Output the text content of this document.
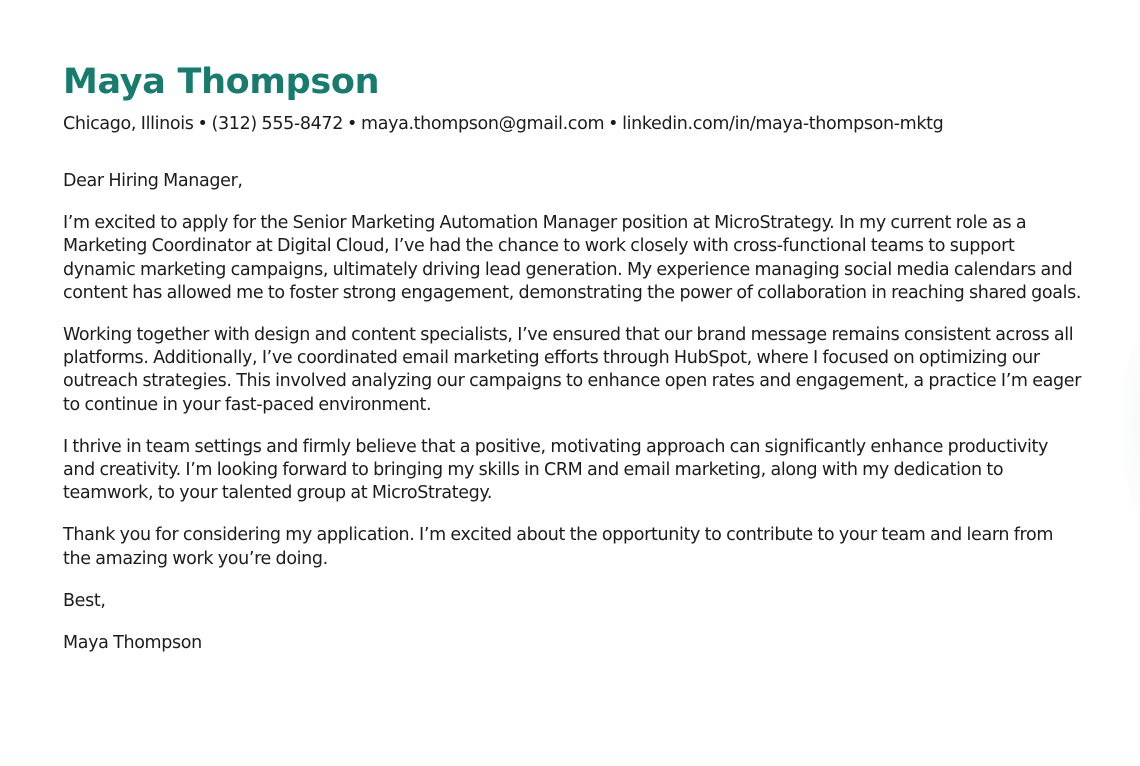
Maya Thompson
Chicago, Illinois • (312) 555-8472 • maya.thompson@gmail.com • linkedin.com/in/maya-thompson-mktg

Dear Hiring Manager,

I’m excited to apply for the Senior Marketing Automation Manager position at MicroStrategy. In my current role as a Marketing Coordinator at Digital Cloud, I’ve had the chance to work closely with cross-functional teams to support dynamic marketing campaigns, ultimately driving lead generation. My experience managing social media calendars and content has allowed me to foster strong engagement, demonstrating the power of collaboration in reaching shared goals.

Working together with design and content specialists, I’ve ensured that our brand message remains consistent across all platforms. Additionally, I’ve coordinated email marketing efforts through HubSpot, where I focused on optimizing our outreach strategies. This involved analyzing our campaigns to enhance open rates and engagement, a practice I’m eager to continue in your fast-paced environment.

I thrive in team settings and firmly believe that a positive, motivating approach can significantly enhance productivity and creativity. I’m looking forward to bringing my skills in CRM and email marketing, along with my dedication to teamwork, to your talented group at MicroStrategy.

Thank you for considering my application. I’m excited about the opportunity to contribute to your team and learn from the amazing work you’re doing.

Best,

Maya Thompson
